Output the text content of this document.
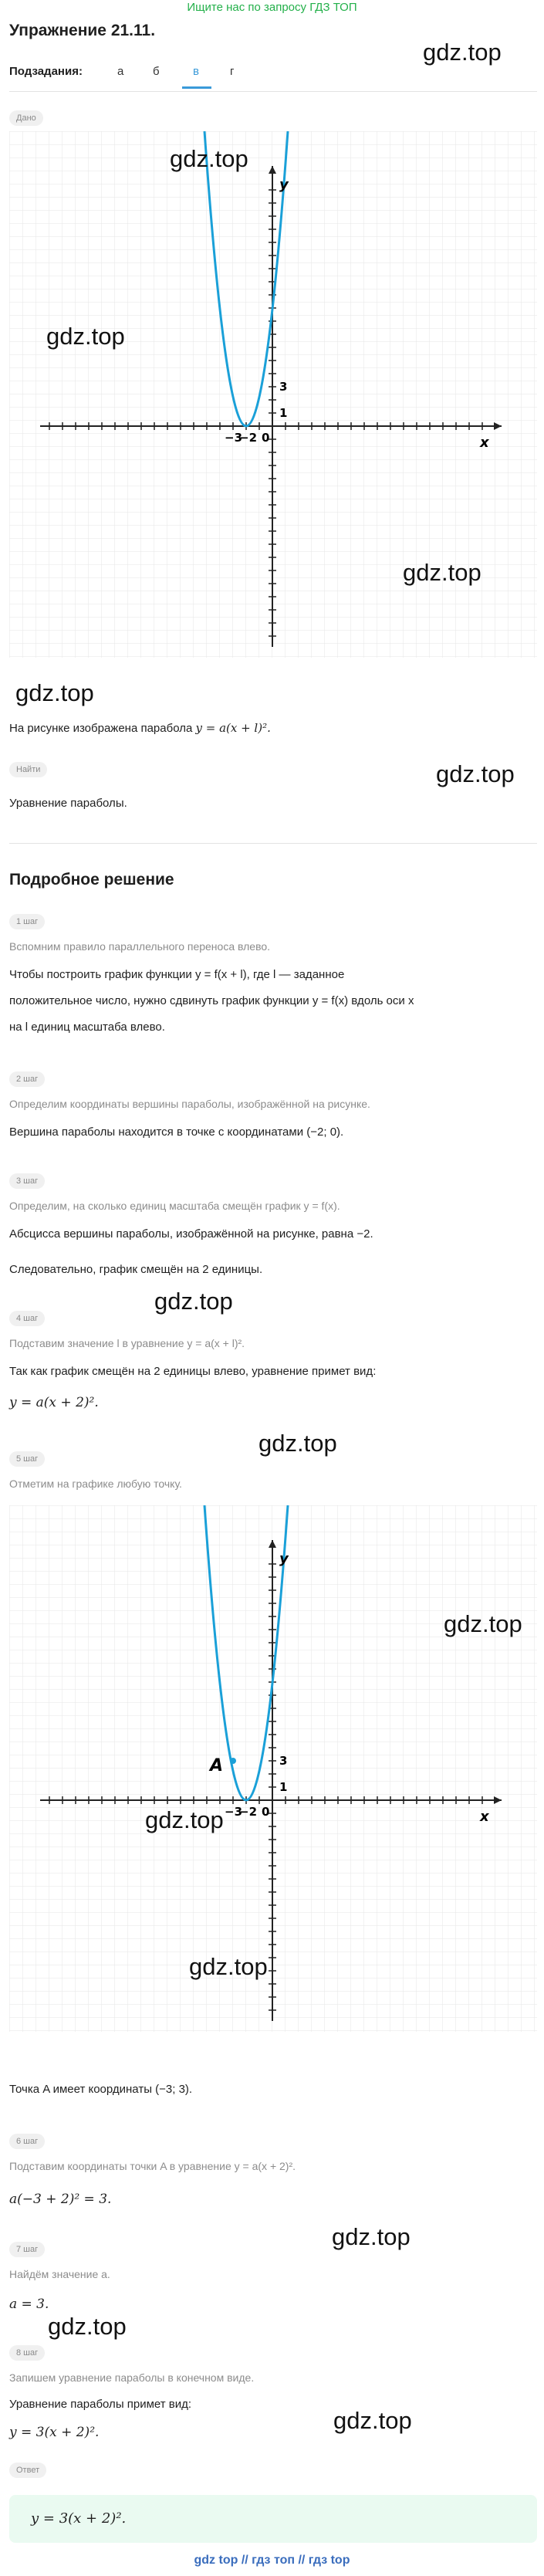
Ищите нас по запросу ГДЗ ТОП
Упражнение 21.11.
gdz.top
Подзадания:	а	б	в	г
Дано
x
y
0
−3
−2
3
1
gdz.top
gdz.top
gdz.top
gdz.top
На рисунке изображена парабола y = a(x + l)².
Найти	gdz.top
Уравнение параболы.
Подробное решение
1 шаг
Вспомним правило параллельного переноса влево.
Чтобы построить график функции y = f(x + l), где l — заданное
положительное число, нужно сдвинуть график функции y = f(x) вдоль оси x
на l единиц масштаба влево.
2 шаг
Определим координаты вершины параболы, изображённой на рисунке.
Вершина параболы находится в точке с координатами (−2; 0).
3 шаг
Определим, на сколько единиц масштаба смещён график y = f(x).
Абсцисса вершины параболы, изображённой на рисунке, равна −2.
Следовательно, график смещён на 2 единицы.
gdz.top
4 шаг
Подставим значение l в уравнение y = a(x + l)².
Так как график смещён на 2 единицы влево, уравнение примет вид:
y = a(x + 2)².
gdz.top
5 шаг
Отметим на графике любую точку.
A
x
y
0
−3
−2
3
1
gdz.top
gdz.top
gdz.top
Точка A имеет координаты (−3; 3).
6 шаг
Подставим координаты точки A в уравнение y = a(x + 2)².
a(−3 + 2)² = 3.
gdz.top
7 шаг
Найдём значение a.
a = 3.
gdz.top
8 шаг
Запишем уравнение параболы в конечном виде.
Уравнение параболы примет вид:
gdz.top
y = 3(x + 2)².
Ответ
y = 3(x + 2)².
gdz top // гдз топ // гдз top
